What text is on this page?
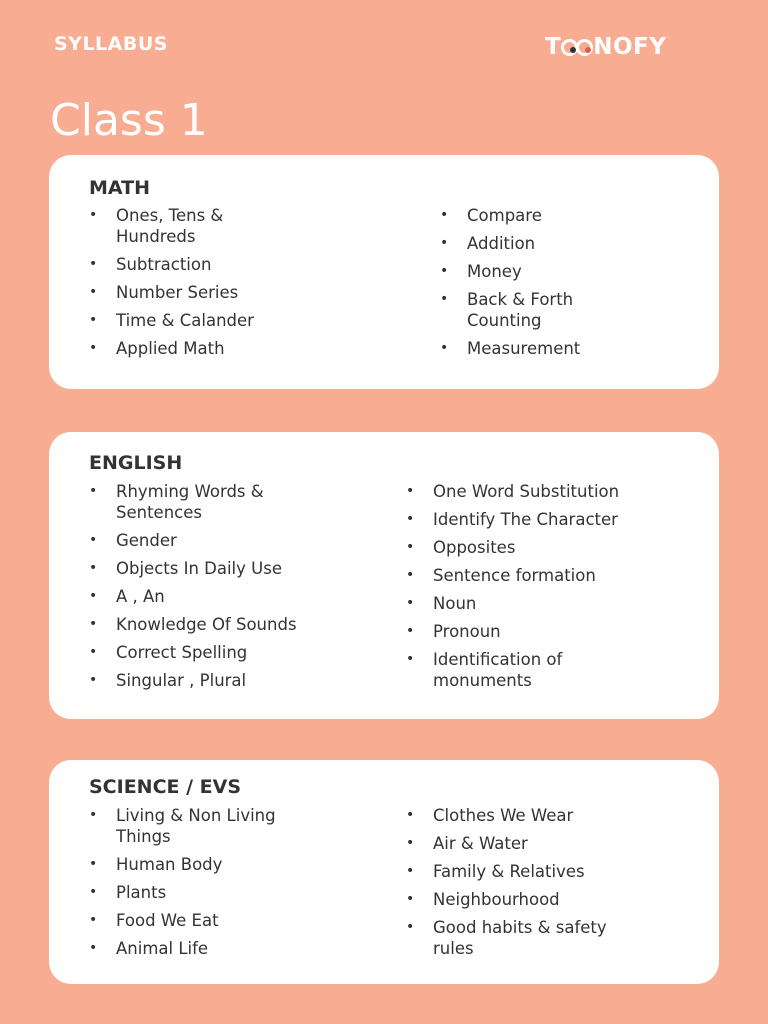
SYLLABUS
Class 1
T NOFY
MATH
• Ones, Tens &
Hundreds
• Subtraction
• Number Series
• Time & Calander
• Applied Math
• Compare
• Addition
• Money
• Back & Forth
Counting
• Measurement
ENGLISH
• Rhyming Words &
Sentences
• Gender
• Objects In Daily Use
• A , An
• Knowledge Of Sounds
• Correct Spelling
• Singular , Plural
• One Word Substitution
• Identify The Character
• Opposites
• Sentence formation
• Noun
• Pronoun
• Identification of
monuments
SCIENCE / EVS
• Living & Non Living
Things
• Human Body
• Plants
• Food We Eat
• Animal Life
• Clothes We Wear
• Air & Water
• Family & Relatives
• Neighbourhood
• Good habits & safety
rules
